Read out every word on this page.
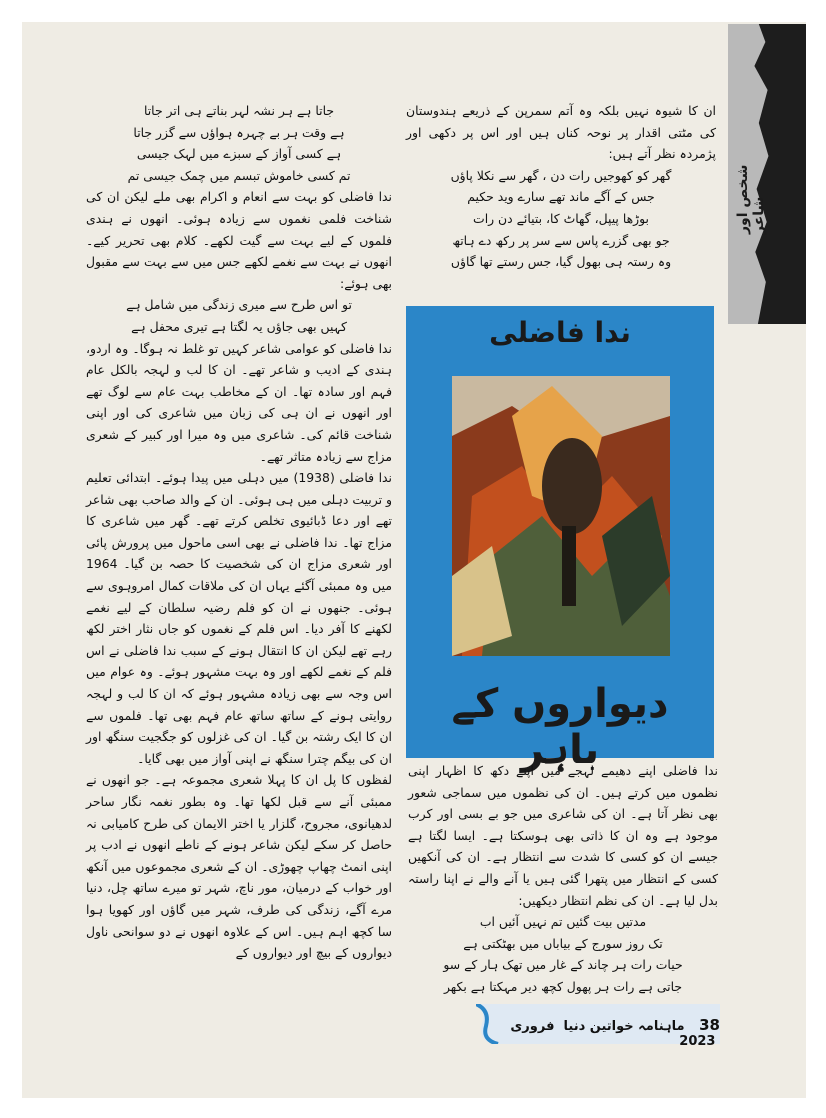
شخص اور شاعر

ان کا شیوہ نہیں بلکہ وہ آتم سمرپن کے ذریعے ہندوستان کی مٹتی اقدار پر نوحہ کناں ہیں اور اس پر دکھی اور پژمردہ نظر آتے ہیں:

گھر کو کھوجیں رات دن ، گھر سے نکلا پاؤں

جس کے آگے ماند تھے سارے وید حکیم

بوڑھا پیپل، گھاٹ کا، بتیائے دن رات

جو بھی گزرے پاس سے سر پر رکھ دے ہاتھ

وہ رستہ ہی بھول گیا، جس رستے تھا گاؤں

ندا فاضلی
دیواروں کے باہر

ندا فاضلی اپنے دھیمے لہجے میں اپنے دکھ کا اظہار اپنی نظموں میں کرتے ہیں۔ ان کی نظموں میں سماجی شعور بھی نظر آتا ہے۔ ان کی شاعری میں جو بے بسی اور کرب موجود ہے وہ ان کا ذاتی بھی ہوسکتا ہے۔ ایسا لگتا ہے جیسے ان کو کسی کا شدت سے انتظار ہے۔ ان کی آنکھیں کسی کے انتظار میں پتھرا گئی ہیں یا آنے والے نے اپنا راستہ بدل لیا ہے۔ ان کی نظم انتظار دیکھیں:

مدتیں بیت گئیں تم نہیں آئیں اب

تک روز سورج کے بیاباں میں بھٹکتی ہے

حیات رات ہر چاند کے غار میں تھک ہار کے سو

جاتی ہے رات ہر پھول کچھ دیر مہکتا ہے بکھر

جاتا ہے ہر نشہ لہر بناتے ہی اتر جاتا

ہے وقت ہر بے چہرہ ہواؤں سے گزر جاتا

ہے کسی آواز کے سبزے میں لہک جیسی

تم کسی خاموش تبسم میں چمک جیسی تم

ندا فاضلی کو بہت سے انعام و اکرام بھی ملے لیکن ان کی شناخت فلمی نغموں سے زیادہ ہوئی۔ انھوں نے ہندی فلموں کے لیے بہت سے گیت لکھے۔ کلام بھی تحریر کیے۔ انھوں نے بہت سے نغمے لکھے جس میں سے بہت سے مقبول بھی ہوئے:

تو اس طرح سے میری زندگی میں شامل ہے

کہیں بھی جاؤں یہ لگتا ہے تیری محفل ہے

ندا فاضلی کو عوامی شاعر کہیں تو غلط نہ ہوگا۔ وہ اردو، ہندی کے ادیب و شاعر تھے۔ ان کا لب و لہجہ بالکل عام فہم اور سادہ تھا۔ ان کے مخاطب بہت عام سے لوگ تھے اور انھوں نے ان ہی کی زبان میں شاعری کی اور اپنی شناخت قائم کی۔ شاعری میں وہ میرا اور کبیر کے شعری مزاج سے زیادہ متاثر تھے۔

ندا فاضلی (1938) میں دہلی میں پیدا ہوئے۔ ابتدائی تعلیم و تربیت دہلی میں ہی ہوئی۔ ان کے والد صاحب بھی شاعر تھے اور دعا ڈبائیوی تخلص کرتے تھے۔ گھر میں شاعری کا مزاج تھا۔ ندا فاضلی نے بھی اسی ماحول میں پرورش پائی اور شعری مزاج ان کی شخصیت کا حصہ بن گیا۔ 1964 میں وہ ممبئی آگئے یہاں ان کی ملاقات کمال امروہوی سے ہوئی۔ جنھوں نے ان کو فلم رضیہ سلطان کے لیے نغمے لکھنے کا آفر دیا۔ اس فلم کے نغموں کو جاں نثار اختر لکھ رہے تھے لیکن ان کا انتقال ہونے کے سبب ندا فاضلی نے اس فلم کے نغمے لکھے اور وہ بہت مشہور ہوئے۔ وہ عوام میں اس وجہ سے بھی زیادہ مشہور ہوئے کہ ان کا لب و لہجہ روایتی ہونے کے ساتھ ساتھ عام فہم بھی تھا۔ فلموں سے ان کا ایک رشتہ بن گیا۔ ان کی غزلوں کو جگجیت سنگھ اور ان کی بیگم چترا سنگھ نے اپنی آواز میں بھی گایا۔

لفظوں کا پل ان کا پہلا شعری مجموعہ ہے۔ جو انھوں نے ممبئی آنے سے قبل لکھا تھا۔ وہ بطور نغمہ نگار ساحر لدھیانوی، مجروح، گلزار یا اختر الایمان کی طرح کامیابی نہ حاصل کر سکے لیکن شاعر ہونے کے ناطے انھوں نے ادب پر اپنی انمٹ چھاپ چھوڑی۔ ان کے شعری مجموعوں میں آنکھ اور خواب کے درمیان، مور ناچ، شہر تو میرے ساتھ چل، دنیا مرے آگے، زندگی کی طرف، شہر میں گاؤں اور کھویا ہوا سا کچھ اہم ہیں۔ اس کے علاوہ انھوں نے دو سوانحی ناول دیواروں کے بیچ اور دیواروں کے

38 ماہنامہ خواتین دنیا  فروری  2023
